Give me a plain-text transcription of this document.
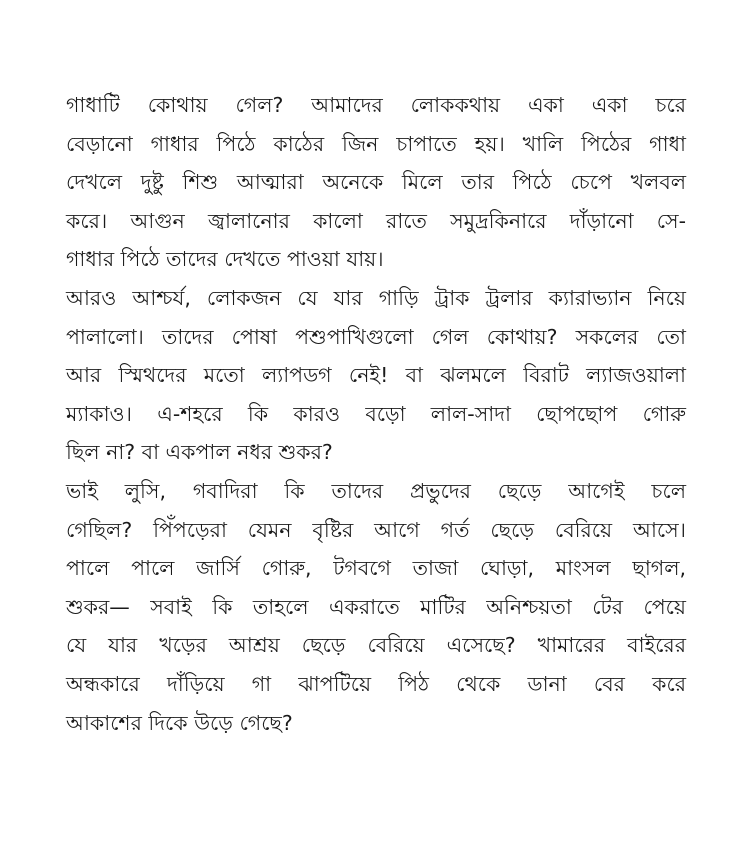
গাধাটি কোথায় গেল? আমাদের লোককথায় একা একা চরে
বেড়ানো গাধার পিঠে কাঠের জিন চাপাতে হয়। খালি পিঠের গাধা
দেখলে দুষ্টু শিশু আত্মারা অনেকে মিলে তার পিঠে চেপে খলবল
করে। আগুন জ্বালানোর কালো রাতে সমুদ্রকিনারে দাঁড়ানো সে-
গাধার পিঠে তাদের দেখতে পাওয়া যায়।
আরও আশ্চর্য, লোকজন যে যার গাড়ি ট্রাক ট্রলার ক্যারাভ্যান নিয়ে
পালালো। তাদের পোষা পশুপাখিগুলো গেল কোথায়? সকলের তো
আর স্মিথদের মতো ল্যাপডগ নেই! বা ঝলমলে বিরাট ল্যাজওয়ালা
ম্যাকাও। এ-শহরে কি কারও বড়ো লাল-সাদা ছোপছোপ গোরু
ছিল না? বা একপাল নধর শুকর?
ভাই লুসি, গবাদিরা কি তাদের প্রভুদের ছেড়ে আগেই চলে
গেছিল? পিঁপড়েরা যেমন বৃষ্টির আগে গর্ত ছেড়ে বেরিয়ে আসে।
পালে পালে জার্সি গোরু, টগবগে তাজা ঘোড়া, মাংসল ছাগল,
শুকর— সবাই কি তাহলে একরাতে মাটির অনিশ্চয়তা টের পেয়ে
যে যার খড়ের আশ্রয় ছেড়ে বেরিয়ে এসেছে? খামারের বাইরের
অন্ধকারে দাঁড়িয়ে গা ঝাপটিয়ে পিঠ থেকে ডানা বের করে
আকাশের দিকে উড়ে গেছে?
